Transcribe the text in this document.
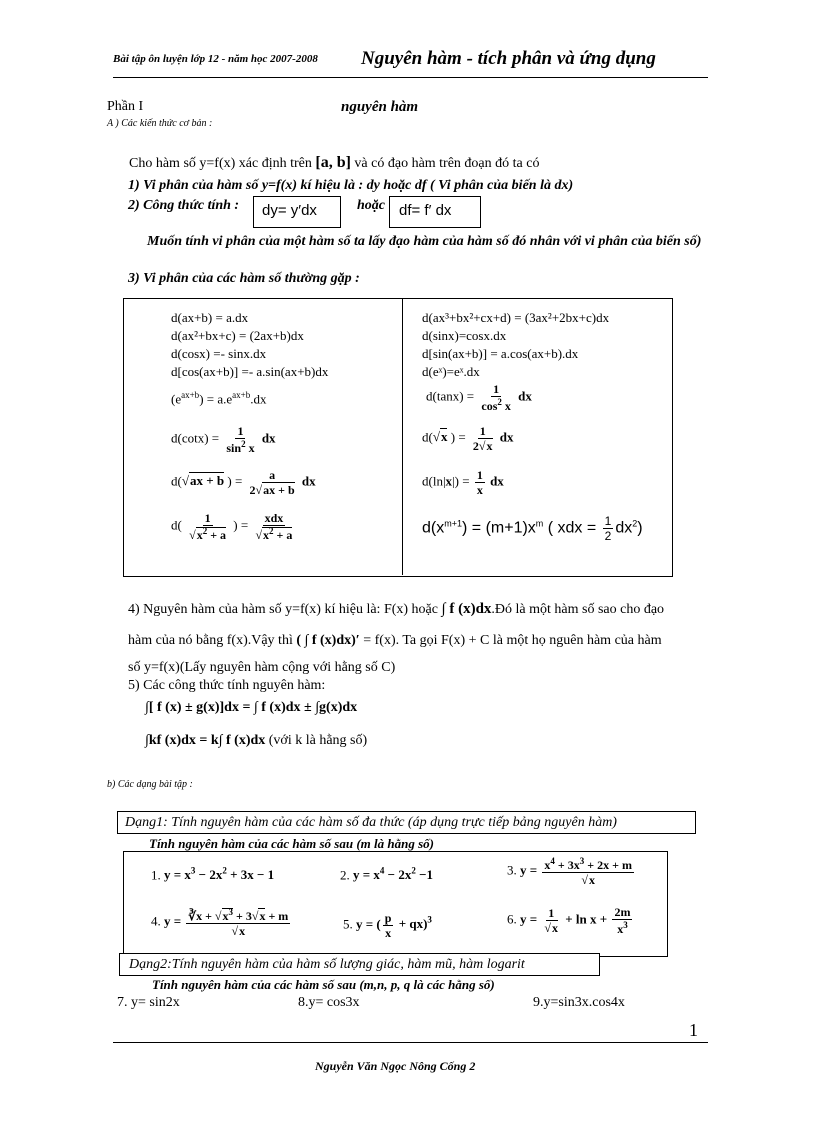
Bài tập ôn luyện lớp 12 - năm học 2007-2008 Nguyên hàm - tích phân và ứng dụng
Phần I	nguyên hàm
A ) Các kiến thức cơ bản :
Cho hàm số y=f(x) xác định trên [a, b] và có đạo hàm trên đoạn đó ta có
1) Vi phân của hàm số y=f(x) kí hiệu là : dy hoặc df ( Vi phân của biến là dx)
2) Công thức tính : dy= y′dx	hoặc df= f′ dx
Muốn tính vi phân của một hàm số ta lấy đạo hàm của hàm số đó nhân với vi phân của biến số)
3) Vi phân của các hàm số thường gặp :
d(ax+b) = a.dx
d(ax²+bx+c) = (2ax+b)dx
d(cosx) =- sinx.dx
d[cos(ax+b)] =- a.sin(ax+b)dx
d(ax³+bx²+cx+d) = (3ax²+2bx+c)dx
d(sinx)=cosx.dx
d[sin(ax+b)] = a.cos(ax+b).dx
d(eˣ)=eˣ.dx
$(e^{ax+b}) = a.e^{ax+b}.dx$	$d(\tan x) = \frac{1}{\cos^2 x}$ dx
$d(\cot x) = \frac{1}{\sin^2 x}$ dx	d(√ x ) = $\frac{1}{2√ x}$ dx
d(√ ax + b ) = $\frac{a}{2√ ax + b}$ dx	$d(\ln|x|) = \frac{1}{x}$ dx
d( 1
√ $x^2 + a$ ) = xdx
√ $x^2 + a$	$d(x^{m+1}) = (m+1)x^m$ ( xdx = $\frac{1}{2} dx^2$)
4) Nguyên hàm của hàm số y=f(x) kí hiệu là: F(x) hoặc ∫ f (x)dx.Đó là một hàm số sao cho đạo
hàm của nó bằng f(x).Vậy thì ( ∫ f (x)dx)′ = f(x). Ta gọi F(x) + C là một họ nguên hàm của hàm
số y=f(x)(Lấy nguyên hàm cộng với hằng số C)
5) Các công thức tính nguyên hàm:
∫[ f (x) ± g(x)]dx = ∫ f (x)dx ± ∫g(x)dx
∫kf (x)dx = k∫ f (x)dx (với k là hằng số)
b) Các dạng bài tập :
Dạng1: Tính nguyên hàm của các hàm số đa thức (áp dụng trực tiếp bảng nguyên hàm)
Tính nguyên hàm của các hàm số sau (m là hằng số)
1. $y = x^3 - 2x^2 + 3x - 1$	2. $y = x^4 - 2x^2 -1$	3. $y = x^4 + 3x^3 + 2x + m$
√ x
4. y = ∛x + √ $x^3 + 3√$ x + m
√ x	5. y = ( $\frac{p}{x} + qx)^3$	6. y = 1
√ $x + \ln x + \frac{2m}{x^3}$
Dạng2:Tính nguyên hàm của hàm số lượng giác, hàm mũ, hàm logarit
Tính nguyên hàm của các hàm số sau (m,n, p, q là các hằng số)
7. y= sin2x	8.y= cos3x	9.y=sin3x.cos4x
1
Nguyễn Văn Ngọc Nông Cống 2
